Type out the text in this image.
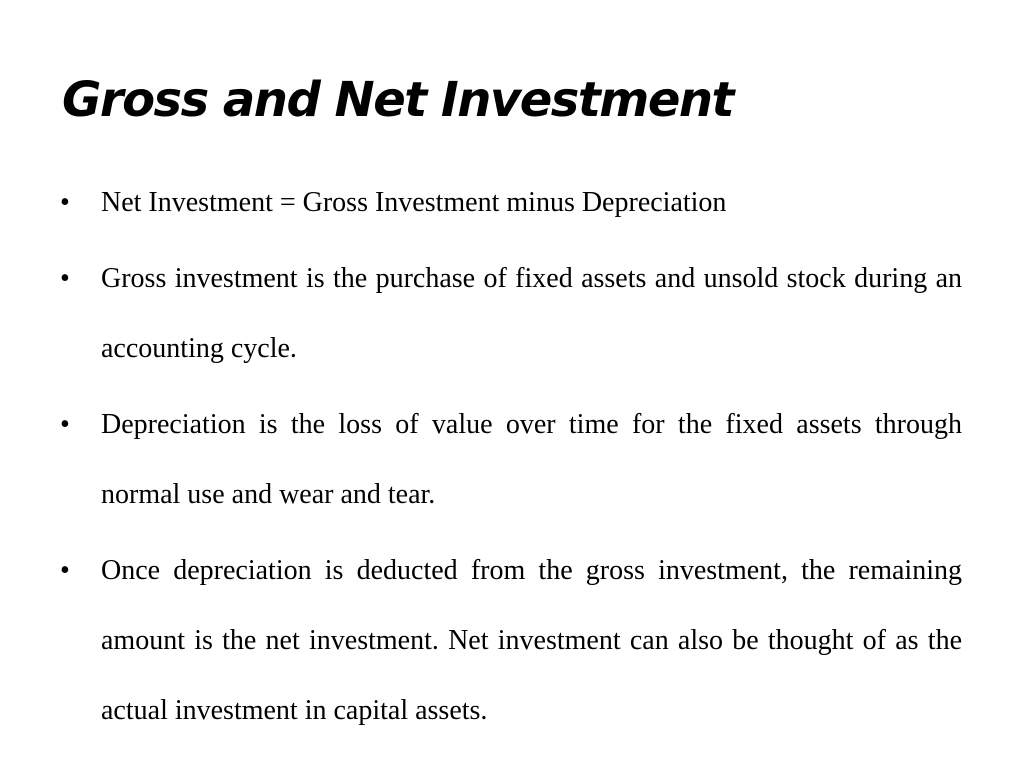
Gross and Net Investment
• Net Investment = Gross Investment minus Depreciation
• Gross investment is the purchase of fixed assets and unsold stock during an accounting cycle.
• Depreciation is the loss of value over time for the fixed assets through normal use and wear and tear.
• Once depreciation is deducted from the gross investment, the remaining amount is the net investment. Net investment can also be thought of as the actual investment in capital assets.
